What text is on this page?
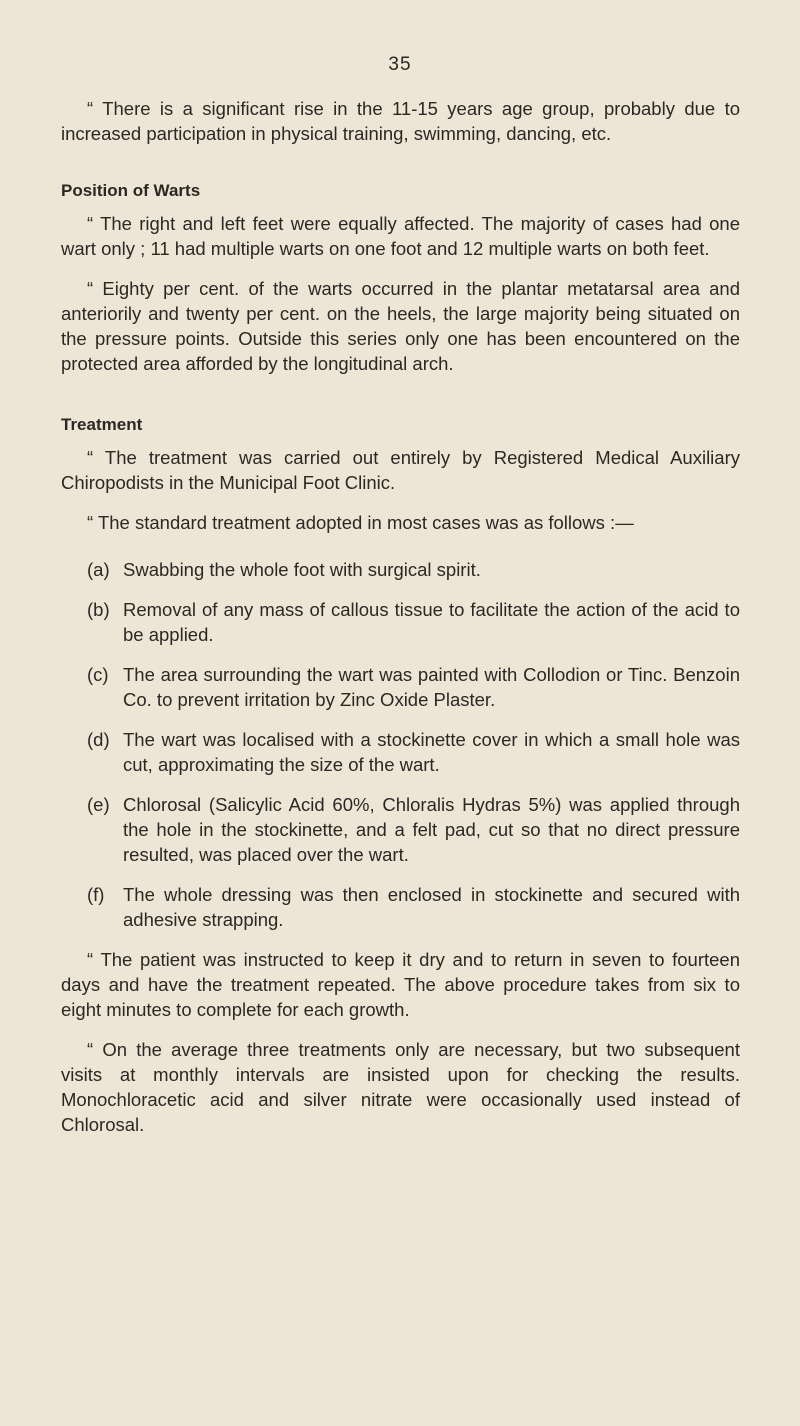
35

“ There is a significant rise in the 11-15 years age group, probably due to increased participation in physical training, swimming, dancing, etc.

Position of Warts

“ The right and left feet were equally affected. The majority of cases had one wart only ; 11 had multiple warts on one foot and 12 multiple warts on both feet.

“ Eighty per cent. of the warts occurred in the plantar metatarsal area and anteriorily and twenty per cent. on the heels, the large majority being situated on the pressure points. Outside this series only one has been encountered on the protected area afforded by the longitudinal arch.

Treatment

“ The treatment was carried out entirely by Registered Medical Auxiliary Chiropodists in the Municipal Foot Clinic.

“ The standard treatment adopted in most cases was as follows :—

(a) Swabbing the whole foot with surgical spirit.
(b) Removal of any mass of callous tissue to facilitate the action of the acid to be applied.
(c) The area surrounding the wart was painted with Collodion or Tinc. Benzoin Co. to prevent irritation by Zinc Oxide Plaster.
(d) The wart was localised with a stockinette cover in which a small hole was cut, approximating the size of the wart.
(e) Chlorosal (Salicylic Acid 60%, Chloralis Hydras 5%) was applied through the hole in the stockinette, and a felt pad, cut so that no direct pressure resulted, was placed over the wart.
(f)	The whole dressing was then enclosed in stockinette and secured with adhesive strapping.

“ The patient was instructed to keep it dry and to return in seven to fourteen days and have the treatment repeated. The above procedure takes from six to eight minutes to complete for each growth.

“ On the average three treatments only are necessary, but two subsequent visits at monthly intervals are insisted upon for checking the results. Monochloracetic acid and silver nitrate were occasionally used instead of Chlorosal.
